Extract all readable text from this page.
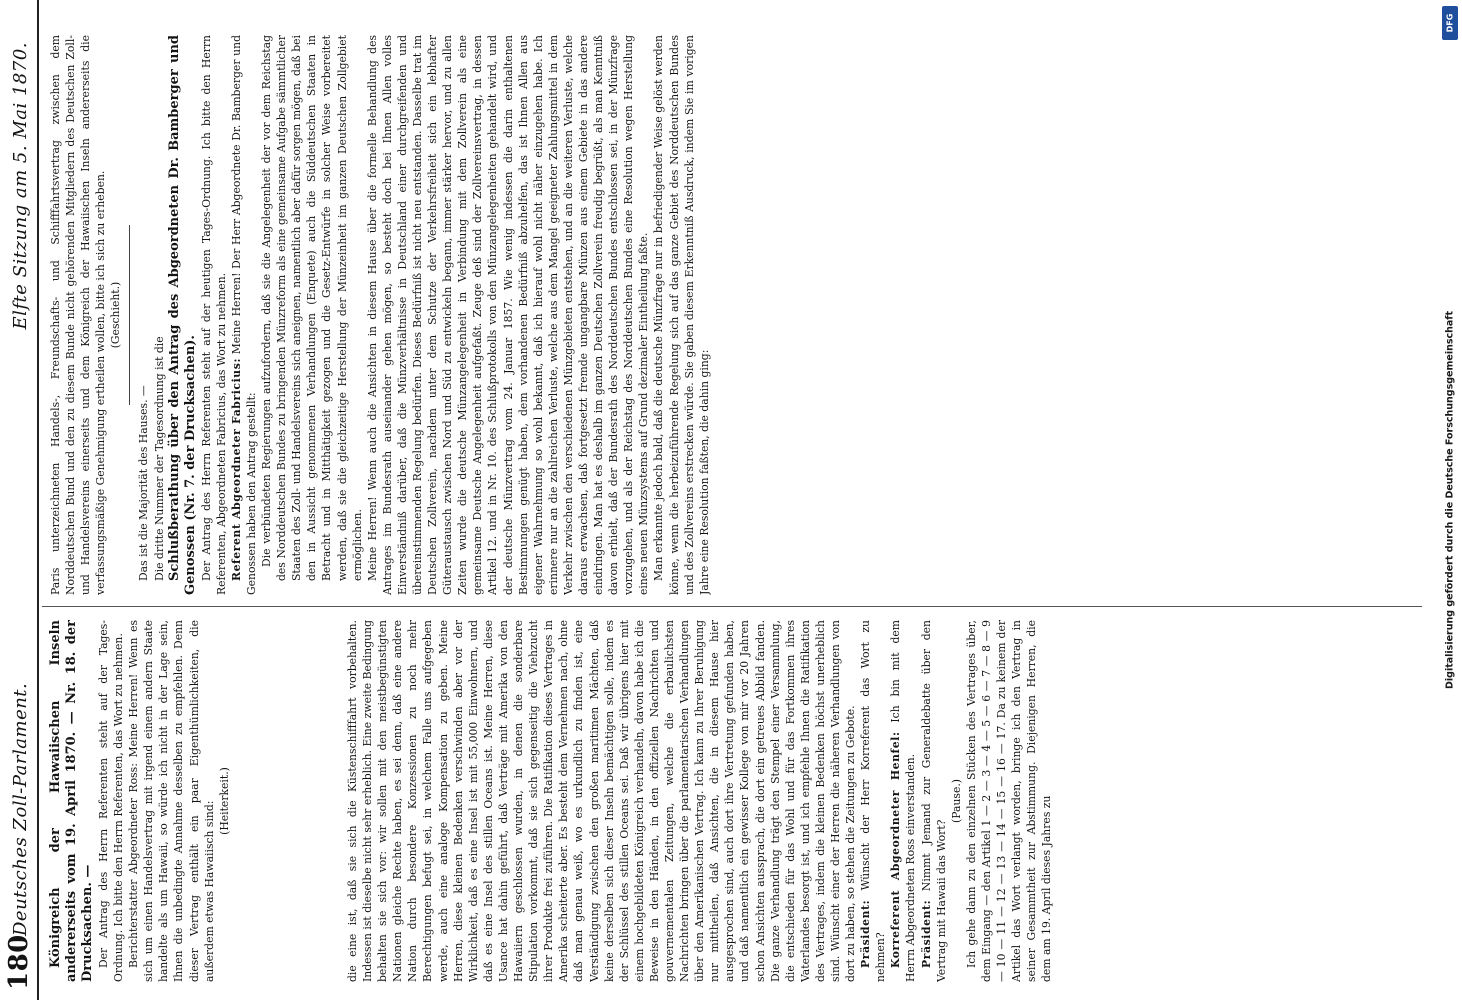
180
Deutsches Zoll-Parlament.
Elfte Sitzung am 5. Mai 1870.

Königreich der Hawaiischen Inseln andererseits vom 19. April 1870. — Nr. 18. der Drucksachen. — Der Antrag des Herrn Referenten steht auf der Tages-Ordnung. Ich bitte den Herrn Referenten, das Wort zu nehmen. Berichterstatter Abgeordneter Ross: Meine Herren! Wenn es sich um einen Handelsvertrag mit irgend einem andern Staate handelte als um Hawaii, so würde ich nicht in der Lage sein, Ihnen die unbedingte Annahme desselben zu empfehlen. Denn dieser Vertrag enthält ein paar Eigenthümlichkeiten, die außerdem etwas Hawaiisch sind: (Heiterkeit.)	die eine ist, daß sie sich die Küstenschifffahrt vorbehalten. Indessen ist dieselbe nicht sehr erheblich. Eine zweite Bedingung behalten sie sich vor: wir sollen mit den meistbegünstigten Nationen gleiche Rechte haben, es sei denn, daß eine andere Nation durch besondere Konzessionen zu noch mehr Berechtigungen befugt sei, in welchem Falle uns aufgegeben werde, auch eine analoge Kompensation zu geben. Meine Herren, diese kleinen Bedenken verschwinden aber vor der Wirklichkeit, daß es eine Insel ist mit 55,000 Einwohnern, und daß es eine Insel des stillen Oceans ist. Meine Herren, diese Usance hat dahin geführt, daß Verträge mit Amerika von den Hawaiiern geschlossen wurden, in denen die sonderbare Stipulation vorkommt, daß sie sich gegenseitig die Viehzucht ihrer Produkte frei zuführen. Die Ratifikation dieses Vertrages in Amerika scheiterte aber. Es besteht dem Vernehmen nach, ohne daß man genau weiß, wo es urkundlich zu finden ist, eine Verständigung zwischen den großen maritimen Mächten, daß keine derselben sich dieser Inseln bemächtigen solle, indem es der Schlüssel des stillen Oceans sei. Daß wir übrigens hier mit einem hochgebildeten Königreich verhandeln, davon habe ich die Beweise in den Händen, in den offiziellen Nachrichten und gouvernementalen Zeitungen, welche die erbaulichsten Nachrichten bringen über die parlamentarischen Verhandlungen über den Amerikanischen Vertrag. Ich kann zu Ihrer Beruhigung nur mittheilen, daß Ansichten, die in diesem Hause hier ausgesprochen sind, auch dort ihre Vertretung gefunden haben, und daß namentlich ein gewisser Kollege von mir vor 20 Jahren schon Ansichten aussprach, die dort ein getreues Abbild fanden. Die ganze Verhandlung trägt den Stempel einer Versammlung, die entschieden für das Wohl und für das Fortkommen ihres Vaterlandes besorgt ist, und ich empfehle Ihnen die Ratifikation des Vertrages, indem die kleinen Bedenken höchst unerheblich sind. Wünscht einer der Herren die näheren Verhandlungen von dort zu haben, so stehen die Zeitungen zu Gebote. Präsident: Wünscht der Herr Korreferent das Wort zu nehmen? Korreferent Abgeordneter Henfel: Ich bin mit dem Herrn Abgeordneten Ross einverstanden. Präsident: Nimmt Jemand zur Generaldebatte über den Vertrag mit Hawaii das Wort?

(Pause.) Ich gehe dann zu den einzelnen Stücken des Vertrages über, dem Eingang — den Artikel 1 — 2 — 3 — 4 — 5 — 6 — 7 — 8 — 9 — 10 — 11 — 12 — 13 — 14 — 15 — 16 — 17. Da zu keinem der Artikel das Wort verlangt worden, bringe ich den Vertrag in seiner Gesammtheit zur Abstimmung. Diejenigen Herren, die dem am 19. April dieses Jahres zu

Paris unterzeichneten Handels-, Freundschafts- und Schifffahrtsvertrag zwischen dem Norddeutschen Bund und den zu diesem Bunde nicht gehörenden Mitgliedern des Deutschen Zoll- und Handelsvereins einerseits und dem Königreich der Hawaiischen Inseln andererseits die verfassungsmäßige Genehmigung ertheilen wollen, bitte ich sich zu erheben. (Geschieht.)

Das ist die Majorität des Hauses. — Die dritte Nummer der Tagesordnung ist die Schlußberathung über den Antrag des Abgeordneten Dr. Bamberger und Genossen (Nr. 7. der Drucksachen). Der Antrag des Herrn Referenten steht auf der heutigen Tages-Ordnung. Ich bitte den Herrn Referenten, Abgeordneten Fabricius, das Wort zu nehmen. Referent Abgeordneter Fabricius: Meine Herren! Der Herr Abgeordnete Dr. Bamberger und Genossen haben den Antrag gestellt: Die verbündeten Regierungen aufzufordern, daß sie die Angelegenheit der vor dem Reichstag des Norddeutschen Bundes zu bringenden Münzreform als eine gemeinsame Aufgabe sämmtlicher Staaten des Zoll- und Handelsvereins sich aneignen, namentlich aber dafür sorgen mögen, daß bei den in Aussicht genommenen Verhandlungen (Enquete) auch die Süddeutschen Staaten in Betracht und in Mitthätigkeit gezogen und die Gesetz-Entwürfe in solcher Weise vorbereitet werden, daß sie die gleichzeitige Herstellung der Münzeinheit im ganzen Deutschen Zollgebiet ermöglichen. Meine Herren! Wenn auch die Ansichten in diesem Hause über die formelle Behandlung des Antrages im Bundesrath auseinander gehen mögen, so besteht doch bei Ihnen Allen volles Einverständniß darüber, daß die Münzverhältnisse in Deutschland einer durchgreifenden und übereinstimmenden Regelung bedürfen. Dieses Bedürfniß ist nicht neu entstanden. Dasselbe trat im Deutschen Zollverein, nachdem unter dem Schutze der Verkehrsfreiheit sich ein lebhafter Güteraustausch zwischen Nord und Süd zu entwickeln begann, immer stärker hervor, und zu allen Zeiten wurde die deutsche Münzangelegenheit in Verbindung mit dem Zollverein als eine gemeinsame Deutsche Angelegenheit aufgefaßt. Zeuge deß sind der Zollvereinsvertrag, in dessen Artikel 12. und in Nr. 10. des Schlußprotokolls von den Münzangelegenheiten gehandelt wird, und der deutsche Münzvertrag vom 24. Januar 1857. Wie wenig indessen die darin enthaltenen Bestimmungen genügt haben, dem vorhandenen Bedürfniß abzuhelfen, das ist Ihnen Allen aus eigener Wahrnehmung so wohl bekannt, daß ich hierauf wohl nicht näher einzugehen habe. Ich erinnere nur an die zahlreichen Verluste, welche aus dem Mangel geeigneter Zahlungsmittel in dem Verkehr zwischen den verschiedenen Münzgebieten entstehen, und an die weiteren Verluste, welche daraus erwachsen, daß fortgesetzt fremde ungangbare Münzen aus einem Gebiete in das andere eindringen. Man hat es deshalb im ganzen Deutschen Zollverein freudig begrüßt, als man Kenntniß davon erhielt, daß der Bundesrath des Norddeutschen Bundes entschlossen sei, in der Münzfrage vorzugehen, und als der Reichstag des Norddeutschen Bundes eine Resolution wegen Herstellung eines neuen Münzsystems auf Grund dezimaler Eintheilung faßte. Man erkannte jedoch bald, daß die deutsche Münzfrage nur in befriedigender Weise gelöst werden könne, wenn die herbeizuführende Regelung sich auf das ganze Gebiet des Norddeutschen Bundes und des Zollvereins erstrecken würde. Sie gaben diesem Erkenntniß Ausdruck, indem Sie im vorigen Jahre eine Resolution faßten, die dahin ging:

DFG
Digitalisierung gefördert durch die Deutsche Forschungsgemeinschaft
